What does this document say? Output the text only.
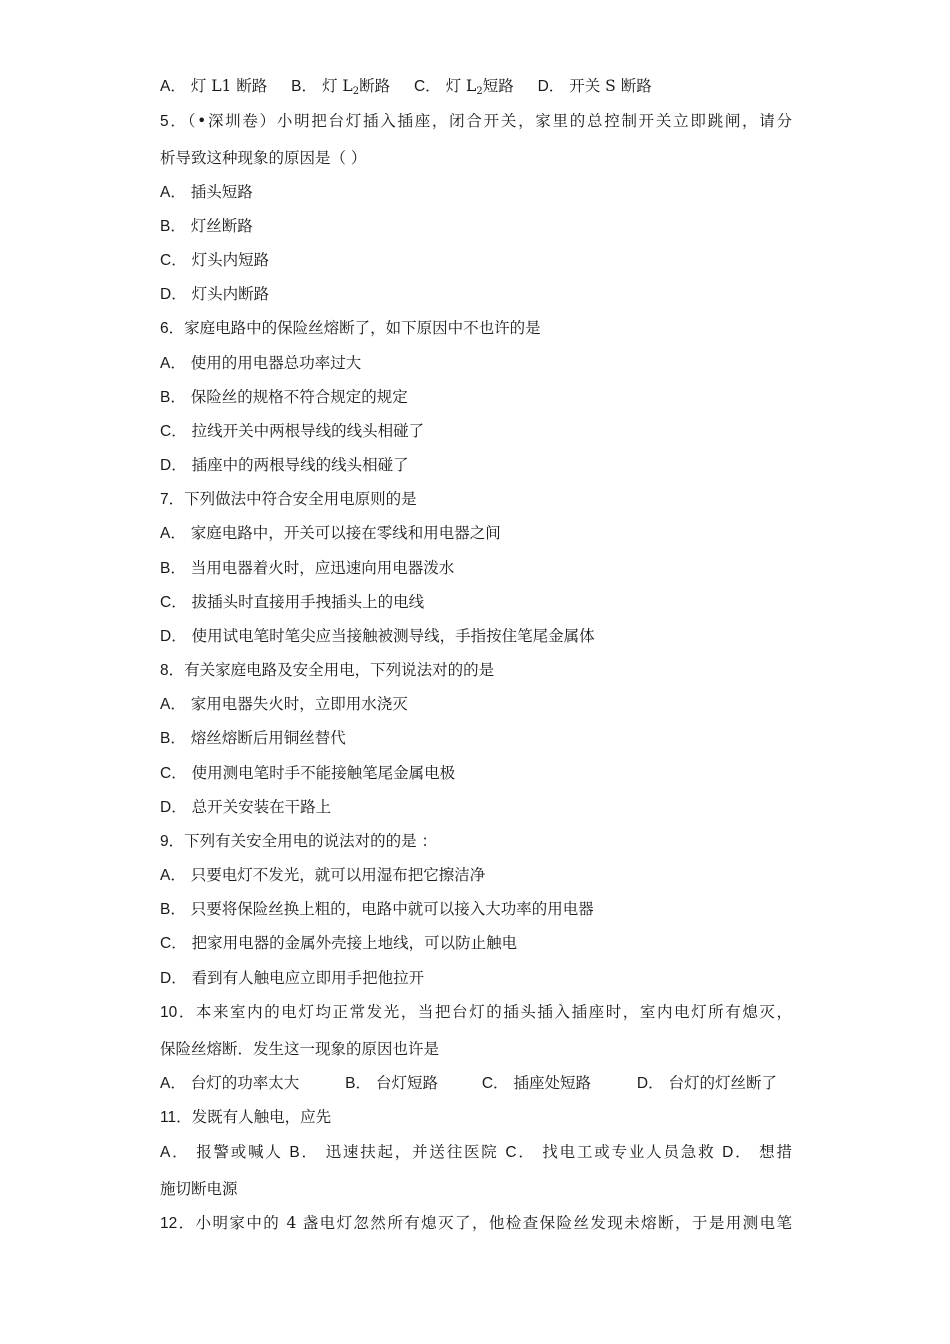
A． 灯 L1 断路 B． 灯 $L_2$断路 C． 灯 $L_2$短路 D． 开关 S 断路
5．（•深圳卷）小明把台灯插入插座，闭合开关，家里的总控制开关立即跳闸，请分
析导致这种现象的原因是（ ）
A． 插头短路
B． 灯丝断路
C． 灯头内短路
D． 灯头内断路
6．家庭电路中的保险丝熔断了，如下原因中不也许的是
A． 使用的用电器总功率过大
B． 保险丝的规格不符合规定的规定
C． 拉线开关中两根导线的线头相碰了
D． 插座中的两根导线的线头相碰了
7．下列做法中符合安全用电原则的是
A． 家庭电路中，开关可以接在零线和用电器之间
B． 当用电器着火时，应迅速向用电器泼水
C． 拔插头时直接用手拽插头上的电线
D． 使用试电笔时笔尖应当接触被测导线，手指按住笔尾金属体
8．有关家庭电路及安全用电，下列说法对的的是
A． 家用电器失火时，立即用水浇灭
B． 熔丝熔断后用铜丝替代
C． 使用测电笔时手不能接触笔尾金属电极
D． 总开关安装在干路上
9．下列有关安全用电的说法对的的是 ：
A． 只要电灯不发光，就可以用湿布把它擦洁净
B． 只要将保险丝换上粗的，电路中就可以接入大功率的用电器
C． 把家用电器的金属外壳接上地线，可以防止触电
D． 看到有人触电应立即用手把他拉开
10．本来室内的电灯均正常发光，当把台灯的插头插入插座时，室内电灯所有熄灭，
保险丝熔断．发生这一现象的原因也许是
A． 台灯的功率太大	B． 台灯短路	C． 插座处短路	D． 台灯的灯丝断了
11．发既有人触电，应先
A． 报警或喊人 B． 迅速扶起，并送往医院 C． 找电工或专业人员急救 D． 想措
施切断电源
12．小明家中的 4 盏电灯忽然所有熄灭了，他检查保险丝发现未熔断，于是用测电笔
